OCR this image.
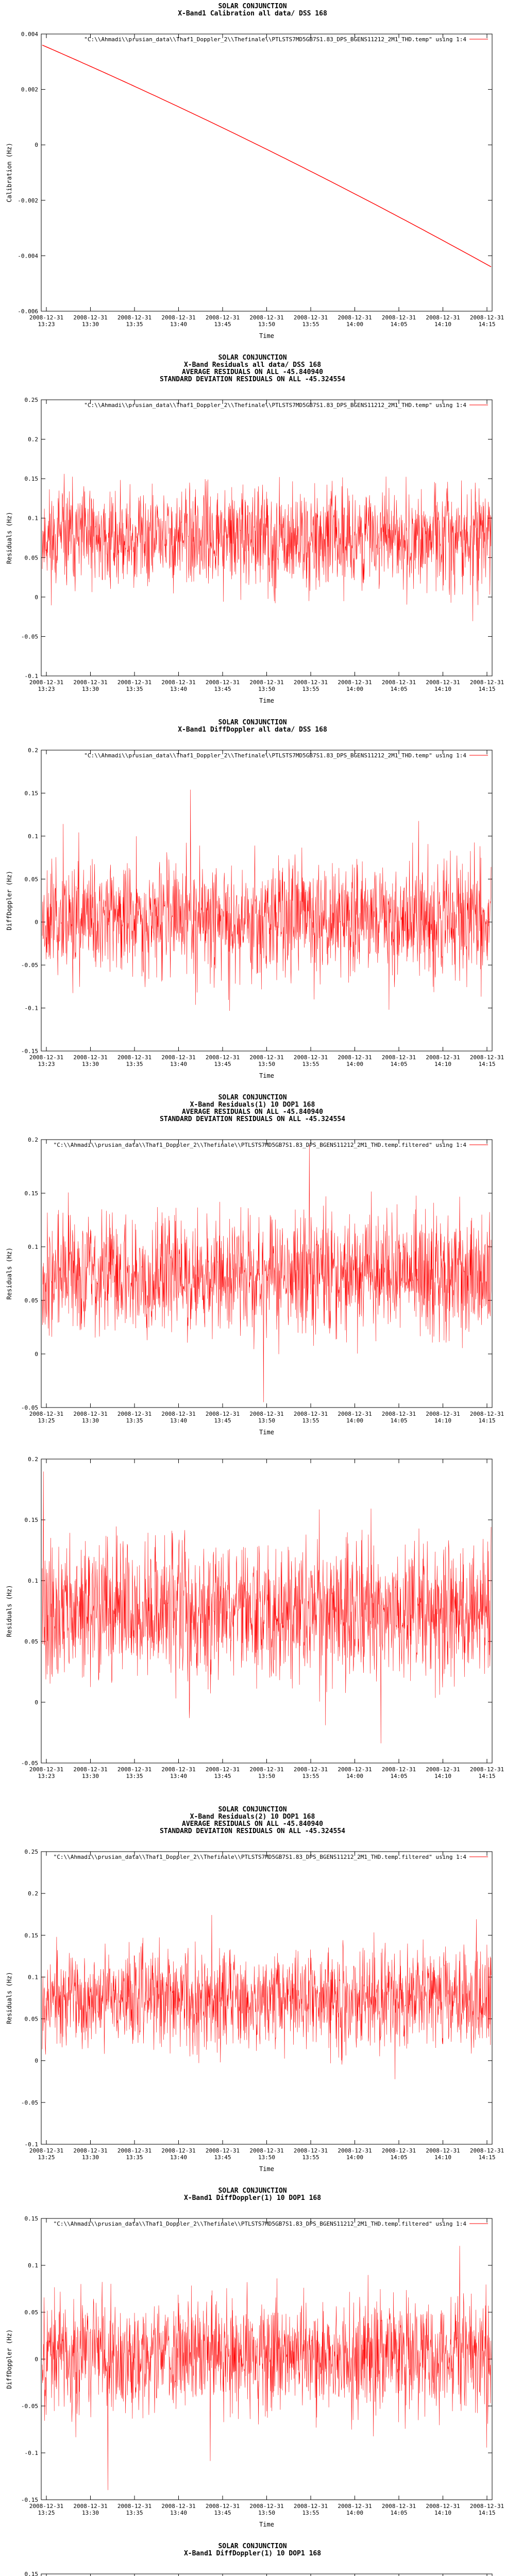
SOLAR CONJUNCTION
X-Band1 Calibration all data/ DSS 168
"C:\\Ahmadi\\prusian_data\\Thaf1_Doppler_2\\Thefinale\\PTLSTS7MD5GB7S1.83_DPS_BGENS11212_2M1_THD.temp" using 1:4
0.004
0.002
0
-0.002
-0.004
-0.006
2008-12-31 13:23
2008-12-31 13:30
2008-12-31 13:35
2008-12-31 13:40
2008-12-31 13:45
2008-12-31 13:50
2008-12-31 13:55
2008-12-31 14:00
2008-12-31 14:05
2008-12-31 14:10
2008-12-31 14:15
Time
Calibration (Hz)
SOLAR CONJUNCTION
X-Band Residuals all data/ DSS 168
AVERAGE RESIDUALS ON ALL -45.840940
STANDARD DEVIATION RESIDUALS ON ALL -45.324554
"C:\\Ahmadi\\prusian_data\\Thaf1_Doppler_2\\Thefinale\\PTLSTS7MD5GB7S1.83_DPS_BGENS11212_2M1_THD.temp" using 1:4
0.25
0.2
0.15
0.1
0.05
0
-0.05
-0.1
2008-12-31 13:23
2008-12-31 13:30
2008-12-31 13:35
2008-12-31 13:40
2008-12-31 13:45
2008-12-31 13:50
2008-12-31 13:55
2008-12-31 14:00
2008-12-31 14:05
2008-12-31 14:10
2008-12-31 14:15
Time
Residuals (Hz)
SOLAR CONJUNCTION
X-Band1 DiffDoppler all data/ DSS 168
"C:\\Ahmadi\\prusian_data\\Thaf1_Doppler_2\\Thefinale\\PTLSTS7MD5GB7S1.83_DPS_BGENS11212_2M1_THD.temp" using 1:4
0.2
0.15
0.1
0.05
0
-0.05
-0.1
-0.15
2008-12-31 13:23
2008-12-31 13:30
2008-12-31 13:35
2008-12-31 13:40
2008-12-31 13:45
2008-12-31 13:50
2008-12-31 13:55
2008-12-31 14:00
2008-12-31 14:05
2008-12-31 14:10
2008-12-31 14:15
Time
DiffDoppler (Hz)
SOLAR CONJUNCTION
X-Band Residuals(1) 10 DOP1 168
AVERAGE RESIDUALS ON ALL -45.840940
STANDARD DEVIATION RESIDUALS ON ALL -45.324554
"C:\\Ahmadi\\prusian_data\\Thaf1_Doppler_2\\Thefinale\\PTLSTS7MD5GB7S1.83_DPS_BGENS11212_2M1_THD.temp.filtered" using 1:4
0.2
0.15
0.1
0.05
0
-0.05
2008-12-31 13:25
2008-12-31 13:30
2008-12-31 13:35
2008-12-31 13:40
2008-12-31 13:45
2008-12-31 13:50
2008-12-31 13:55
2008-12-31 14:00
2008-12-31 14:05
2008-12-31 14:10
2008-12-31 14:15
Time
Residuals (Hz)
0.2
0.15
0.1
0.05
0
-0.05
2008-12-31 13:23
2008-12-31 13:30
2008-12-31 13:35
2008-12-31 13:40
2008-12-31 13:45
2008-12-31 13:50
2008-12-31 13:55
2008-12-31 14:00
2008-12-31 14:05
2008-12-31 14:10
2008-12-31 14:15
Residuals (Hz)
SOLAR CONJUNCTION
X-Band Residuals(2) 10 DOP1 168
AVERAGE RESIDUALS ON ALL -45.840940
STANDARD DEVIATION RESIDUALS ON ALL -45.324554
"C:\\Ahmadi\\prusian_data\\Thaf1_Doppler_2\\Thefinale\\PTLSTS7MD5GB7S1.83_DPS_BGENS11212_2M1_THD.temp.filtered" using 1:4
0.25
0.2
0.15
0.1
0.05
0
-0.05
-0.1
2008-12-31 13:25
2008-12-31 13:30
2008-12-31 13:35
2008-12-31 13:40
2008-12-31 13:45
2008-12-31 13:50
2008-12-31 13:55
2008-12-31 14:00
2008-12-31 14:05
2008-12-31 14:10
2008-12-31 14:15
Time
Residuals (Hz)
SOLAR CONJUNCTION
X-Band1 DiffDoppler(1) 10 DOP1 168
"C:\\Ahmadi\\prusian_data\\Thaf1_Doppler_2\\Thefinale\\PTLSTS7MD5GB7S1.83_DPS_BGENS11212_2M1_THD.temp.filtered" using 1:4
0.15
0.1
0.05
0
-0.05
-0.1
-0.15
2008-12-31 13:25
2008-12-31 13:30
2008-12-31 13:35
2008-12-31 13:40
2008-12-31 13:45
2008-12-31 13:50
2008-12-31 13:55
2008-12-31 14:00
2008-12-31 14:05
2008-12-31 14:10
2008-12-31 14:15
Time
DiffDoppler (Hz)
SOLAR CONJUNCTION
X-Band1 DiffDoppler(1) 10 DOP1 168
0.15
